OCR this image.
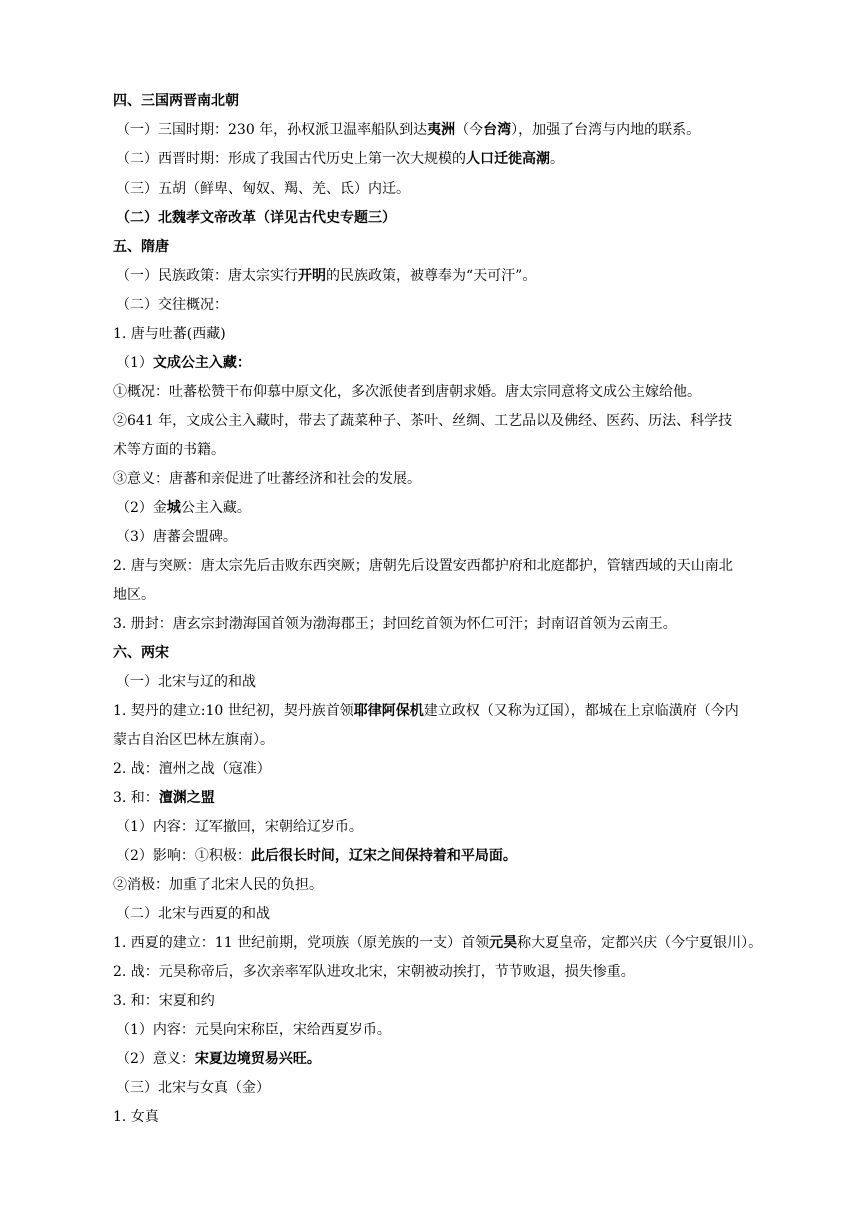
四、三国两晋南北朝
（一）三国时期：230 年，孙权派卫温率船队到达夷洲（今台湾），加强了台湾与内地的联系。
（二）西晋时期：形成了我国古代历史上第一次大规模的人口迁徙高潮。
（三）五胡（鲜卑、匈奴、羯、羌、氐）内迁。
（二）北魏孝文帝改革（详见古代史专题三）
五、隋唐
（一）民族政策：唐太宗实行开明的民族政策，被尊奉为“天可汗”。
（二）交往概况：
1. 唐与吐蕃(西藏)
（1）文成公主入藏：
①概况：吐蕃松赞干布仰慕中原文化，多次派使者到唐朝求婚。唐太宗同意将文成公主嫁给他。
②641 年，文成公主入藏时，带去了蔬菜种子、茶叶、丝绸、工艺品以及佛经、医药、历法、科学技
术等方面的书籍。
③意义：唐蕃和亲促进了吐蕃经济和社会的发展。
（2）金城公主入藏。
（3）唐蕃会盟碑。
2. 唐与突厥：唐太宗先后击败东西突厥；唐朝先后设置安西都护府和北庭都护，管辖西域的天山南北
地区。
3. 册封：唐玄宗封渤海国首领为渤海郡王；封回纥首领为怀仁可汗；封南诏首领为云南王。
六、两宋
（一）北宋与辽的和战
1. 契丹的建立:10 世纪初，契丹族首领耶律阿保机建立政权（又称为辽国），都城在上京临潢府（今内
蒙古自治区巴林左旗南）。
2. 战：澶州之战（寇准）
3. 和：澶渊之盟
（1）内容：辽军撤回，宋朝给辽岁币。
（2）影响：①积极：此后很长时间，辽宋之间保持着和平局面。
②消极：加重了北宋人民的负担。
（二）北宋与西夏的和战
1. 西夏的建立：11 世纪前期，党项族（原羌族的一支）首领元昊称大夏皇帝，定都兴庆（今宁夏银川）。
2. 战：元昊称帝后，多次亲率军队进攻北宋，宋朝被动挨打，节节败退，损失惨重。
3. 和：宋夏和约
（1）内容：元昊向宋称臣，宋给西夏岁币。
（2）意义：宋夏边境贸易兴旺。
（三）北宋与女真（金）
1. 女真
